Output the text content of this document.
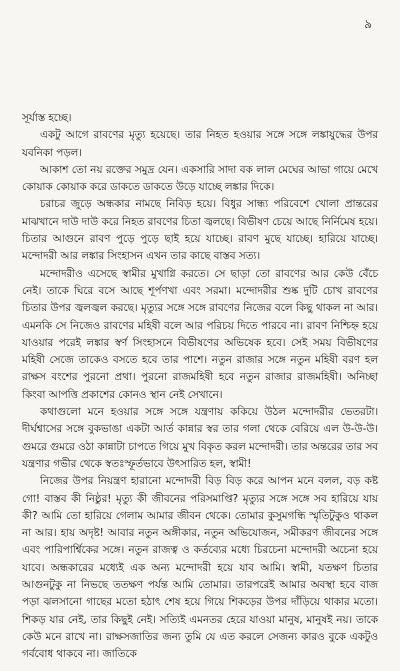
৯

সূর্যাস্ত হচ্ছে।

একটু আগে রাবণের মৃত্যু হয়েছে। তার নিহত হওয়ার সঙ্গে সঙ্গে লঙ্কাযুদ্ধের উপর যবনিকা পড়ল।

আকাশ তো নয় রক্তের সমুদ্র যেন। একসারি সাদা বক লাল মেঘের আভা গায়ে মেখে কোয়াক কোয়াক করে ডাকতে ডাকতে উড়ে যাচ্ছে লঙ্কার দিকে।

চরাচর জুড়ে অন্ধকার নামছে নিবিড় হয়ে। বিধুর সান্ধ্য পরিবেশে খোলা প্রান্তরের মাঝখানে দাউ দাউ করে নিহত রাবণের চিতা জ্বলছে। বিভীষণ চেয়ে আছে নির্নিমেষ হয়ে। চিতার আগুনে রাবণ পুড়ে পুড়ে ছাই হয়ে যাচ্ছে। রাবণ মুছে যাচ্ছে। হারিয়ে যাচ্ছে। মন্দোদরী আর লঙ্কার সিংহাসন এখন তার কাছে বাস্তব সত্য।

মন্দোদরীও এসেছে স্বামীর মুখাগ্নি করতে। সে ছাড়া তো রাবণের আর কেউ বেঁচে নেই। তাকে ঘিরে বসে আছে শূর্পণখা এবং সরমা। মন্দোদরীর শুষ্ক দুটি চোখ রাবণের চিতার উপর জ্বলজ্বল করছে। মৃত্যুর সঙ্গে সঙ্গে রাবণের নিজের বলে কিছু থাকল না আর। এমনকি সে নিজেও রাবণের মহিষী বলে আর পরিচয় দিতে পারবে না। রাবণ নিশ্চিহ্ন হয়ে যাওয়ার পরেই লঙ্কার স্বর্ণ সিংহাসনে বিভীষণের অভিষেক হবে। সেই সময় বিভীষণের মহিষী সেজে তাকেও বসতে হবে তার পাশে। নতুন রাজার সঙ্গে নতুন মহিষী বরণ হল রাক্ষস বংশের পুরনো প্রথা। পুরনো রাজমহিষী হবে নতুন রাজার রাজমহিষী। অনিচ্ছা কিংবা আপত্তি প্রকাশের কোনও স্থান নেই সেখানে।

কথাগুলো মনে হওয়ার সঙ্গে সঙ্গে যন্ত্রণায় ককিয়ে উঠল মন্দোদরীর ভেতরটা। দীর্ঘশ্বাসের সঙ্গে বুকভাঙা একটা আর্ত কান্নার স্বর তার গলা থেকে বেরিয়ে এল উ-উ-উ। গুমরে গুমরে ওঠা কান্নাটা চাপতে গিয়ে মুখ বিকৃত করল মন্দোদরী। তার অন্তরের তার সব যন্ত্রণার গভীর থেকে স্বতঃস্ফূর্তভাবে উৎসারিত হল, স্বামী!

নিজের উপর নিয়ন্ত্রণ হারানো মন্দোদরী বিড় বিড় করে আপন মনে বলল, বড় কষ্ট গো! বাস্তব কী নিষ্ঠুর! মৃত্যু কী জীবনের পরিসমাপ্তি? মৃত্যুর সঙ্গে সঙ্গে সব হারিয়ে যায় কী? আমি তো হারিয়ে গেলাম আমার জীবন থেকে। তোমার কুসুমগন্ধি স্মৃতিটুকুও থাকল না আর। হায় অদৃষ্ট! আবার নতুন অঙ্গীকার, নতুন অভিযোজন, সমীকরণ জীবনের সঙ্গে এবং পারিপার্শ্বিকের সঙ্গে। নতুন রাজত্ব ও কর্তব্যের মধ্যে চিরচেনা মন্দোদরী অচেনা হয়ে যাবে। অন্ধকারের মধ্যেই এক অন্য মন্দোদরী হয়ে যাব আমি। স্বামী, যতক্ষণ চিতার আগুনটুকু না নিভছে ততক্ষণ পর্যন্ত আমি তোমার। তারপরেই আমার অবস্থা হবে বাজ পড়া ঝলসানো গাছের মতো হঠাৎ শেষ হয়ে গিয়ে শিকড়ের উপর দাঁড়িয়ে থাকার মতো। শিকড় যার নেই, তার কিছুই নেই। সত্যিই এমনতর হেরে যাওয়া মানুষ, মানুষই নয়। তাকে কেউ মনে রাখে না। রাক্ষসজাতির জন্য তুমি যে এত করলে সেজন্য কারও বুকে একটুও গর্ববোধ থাকবে না। জাতিকে
